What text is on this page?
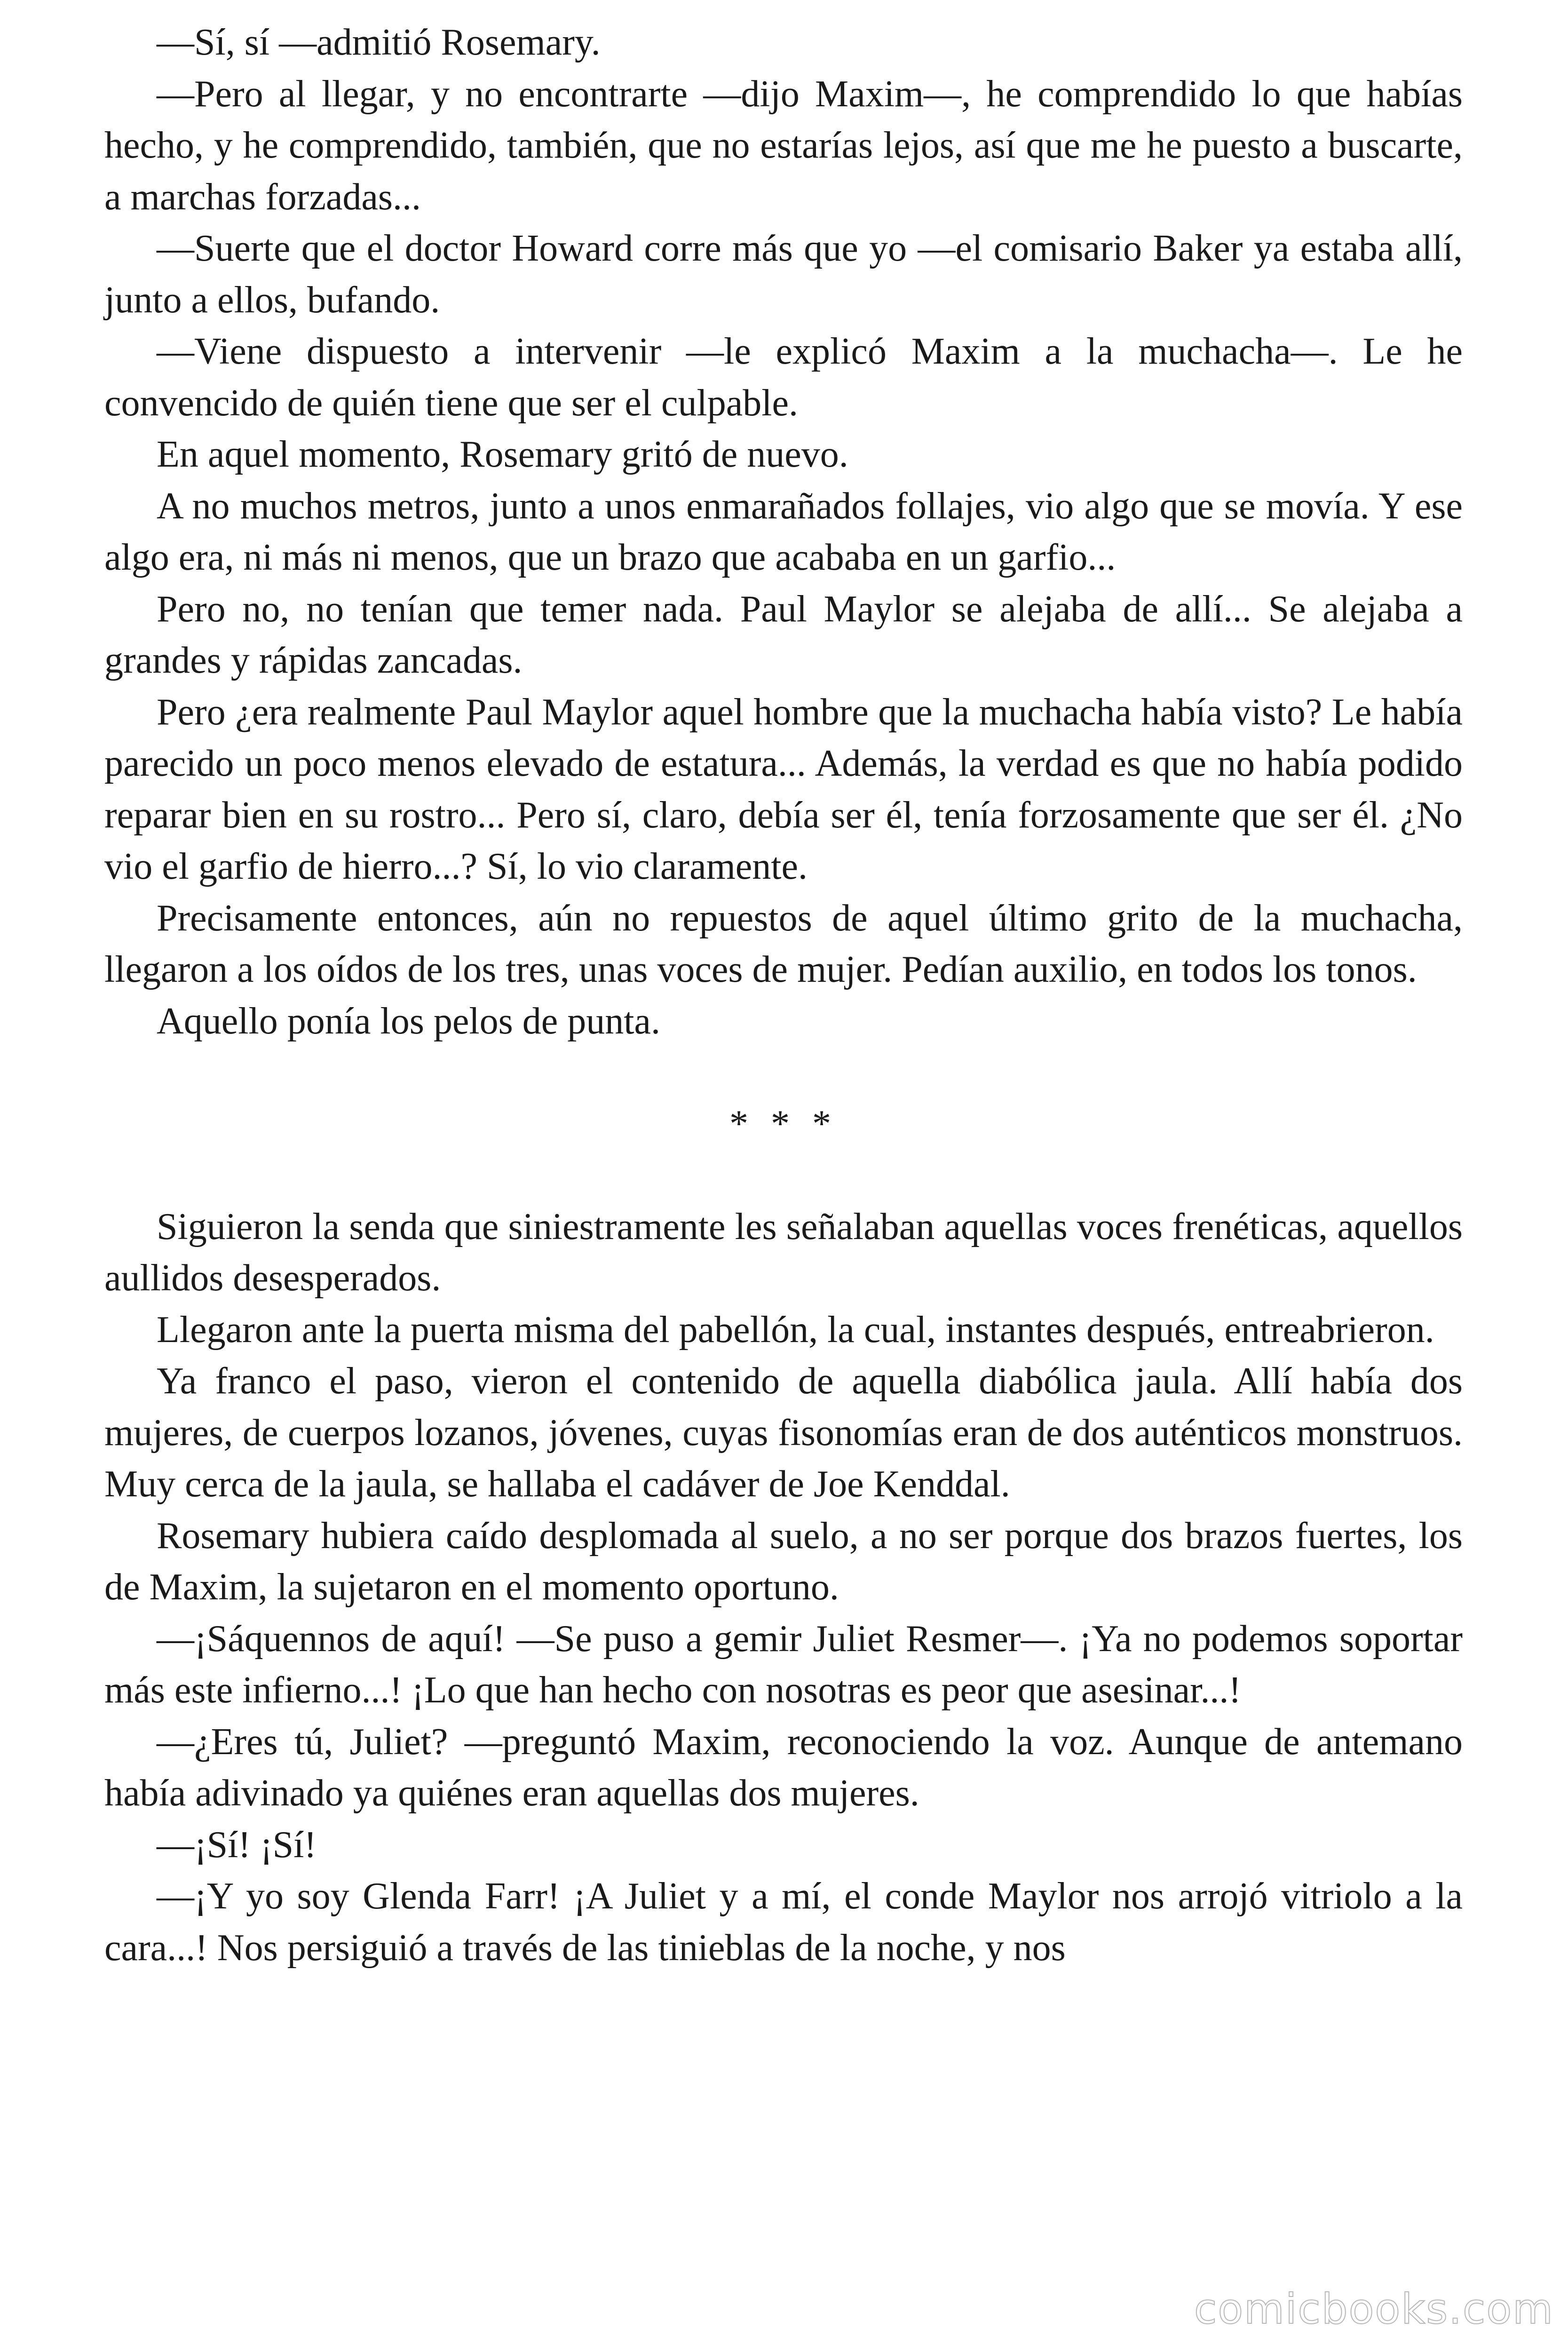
—Sí, sí —admitió Rosemary.

—Pero al llegar, y no encontrarte —dijo Maxim—, he comprendido lo que habías hecho, y he comprendido, también, que no estarías lejos, así que me he puesto a buscarte, a marchas forzadas...

—Suerte que el doctor Howard corre más que yo —el comisario Baker ya estaba allí, junto a ellos, bufando.

—Viene dispuesto a intervenir —le explicó Maxim a la muchacha—. Le he convencido de quién tiene que ser el culpable.

En aquel momento, Rosemary gritó de nuevo.

A no muchos metros, junto a unos enmarañados follajes, vio algo que se movía. Y ese algo era, ni más ni menos, que un brazo que acababa en un garfio...

Pero no, no tenían que temer nada. Paul Maylor se alejaba de allí... Se alejaba a grandes y rápidas zancadas.

Pero ¿era realmente Paul Maylor aquel hombre que la muchacha había visto? Le había parecido un poco menos elevado de estatura... Además, la verdad es que no había podido reparar bien en su rostro... Pero sí, claro, debía ser él, tenía forzosamente que ser él. ¿No vio el garfio de hierro...? Sí, lo vio claramente.

Precisamente entonces, aún no repuestos de aquel último grito de la muchacha, llegaron a los oídos de los tres, unas voces de mujer. Pedían auxilio, en todos los tonos.

Aquello ponía los pelos de punta.

* * *

Siguieron la senda que siniestramente les señalaban aquellas voces frenéticas, aquellos aullidos desesperados.

Llegaron ante la puerta misma del pabellón, la cual, instantes después, entreabrieron.

Ya franco el paso, vieron el contenido de aquella diabólica jaula. Allí había dos mujeres, de cuerpos lozanos, jóvenes, cuyas fisonomías eran de dos auténticos monstruos. Muy cerca de la jaula, se hallaba el cadáver de Joe Kenddal.

Rosemary hubiera caído desplomada al suelo, a no ser porque dos brazos fuertes, los de Maxim, la sujetaron en el momento oportuno.

—¡Sáquennos de aquí! —Se puso a gemir Juliet Resmer—. ¡Ya no podemos soportar más este infierno...! ¡Lo que han hecho con nosotras es peor que asesinar...!

—¿Eres tú, Juliet? —preguntó Maxim, reconociendo la voz. Aunque de antemano había adivinado ya quiénes eran aquellas dos mujeres.

—¡Sí! ¡Sí!

—¡Y yo soy Glenda Farr! ¡A Juliet y a mí, el conde Maylor nos arrojó vitriolo a la cara...! Nos persiguió a través de las tinieblas de la noche, y nos

comicbooks.com
